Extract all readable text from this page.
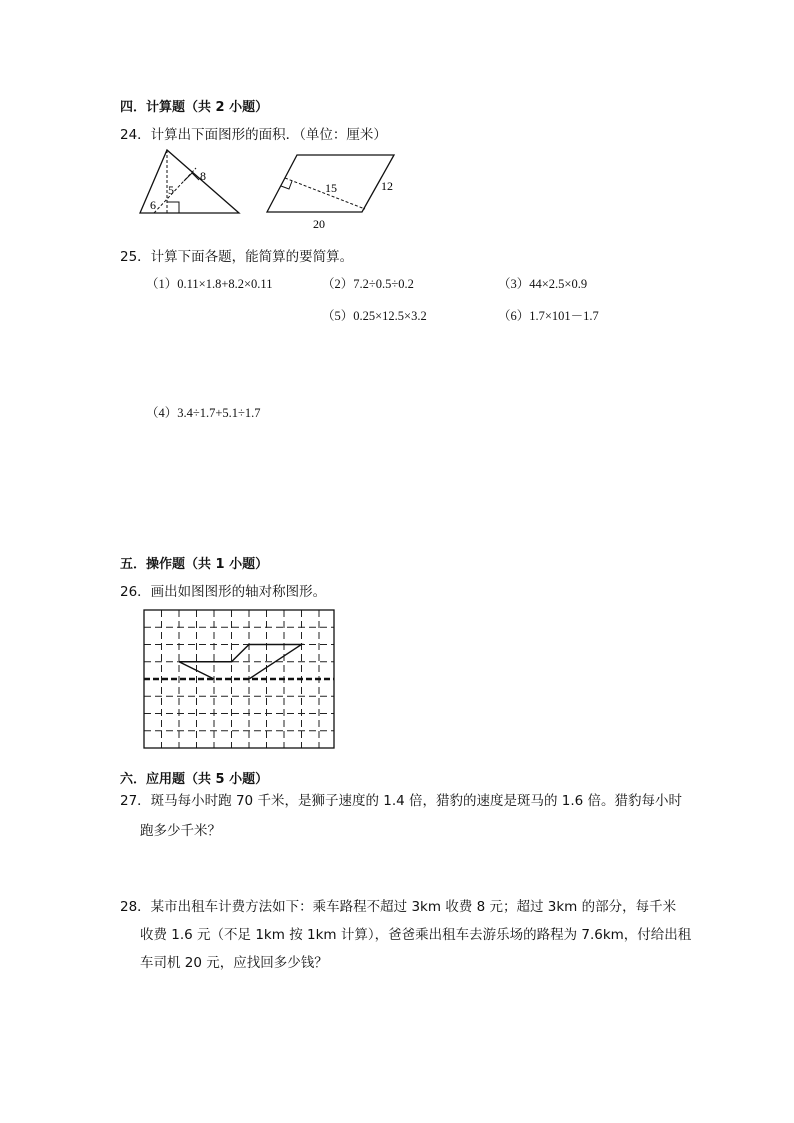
四．计算题（共 2 小题）
24．计算出下面图形的面积．（单位：厘米）
8
5
6
15	12
20
25．计算下面各题，能简算的要简算。
（1）0.11×1.8+8.2×0.11	（2）7.2÷0.5÷0.2	（3）44×2.5×0.9
（5）0.25×12.5×3.2	（6）1.7×101－1.7
（4）3.4÷1.7+5.1÷1.7
五．操作题（共 1 小题）
26．画出如图图形的轴对称图形。
六．应用题（共 5 小题）
27．斑马每小时跑 70 千米，是狮子速度的 1.4 倍，猎豹的速度是斑马的 1.6 倍。猎豹每小时
跑多少千米？
28．某市出租车计费方法如下：乘车路程不超过 3km 收费 8 元；超过 3km 的部分，每千米
收费 1.6 元（不足 1km 按 1km 计算），爸爸乘出租车去游乐场的路程为 7.6km，付给出租
车司机 20 元，应找回多少钱？
